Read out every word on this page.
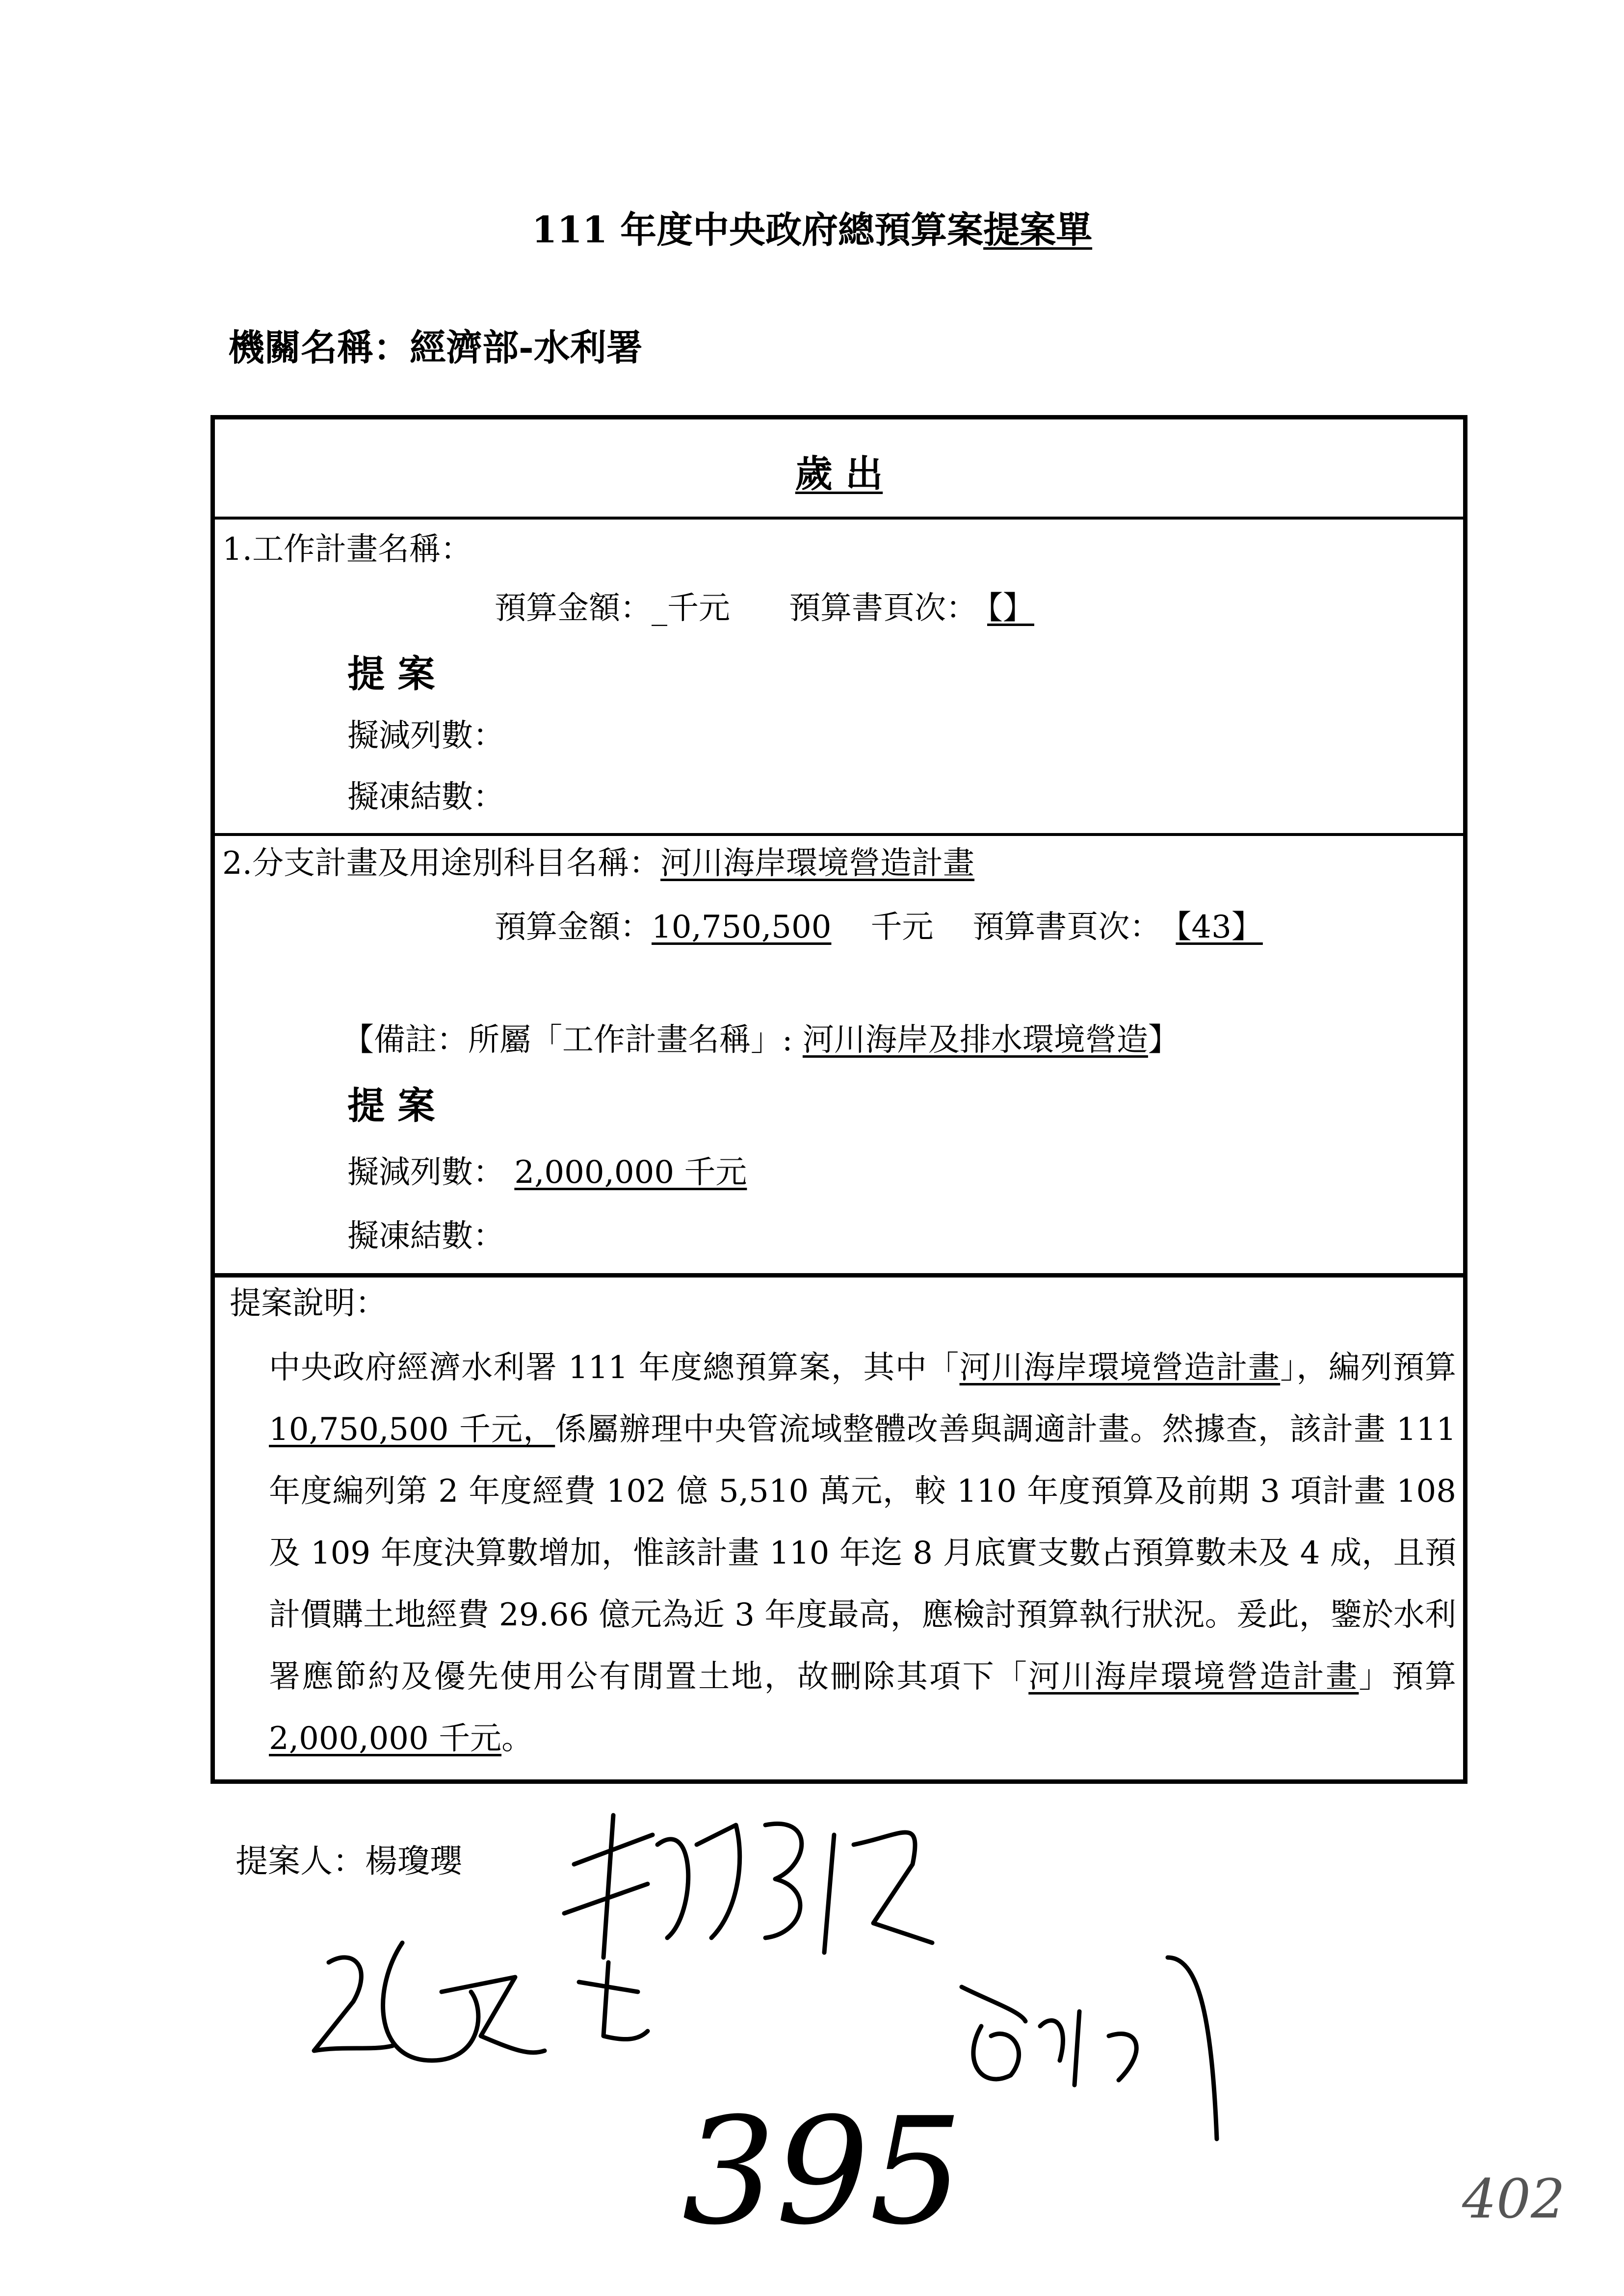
111 年度中央政府總預算案提案單
機關名稱：經濟部-水利署
歲 出
1.工作計畫名稱：
預算金額：_千元 預算書頁次： 【】
提 案
擬減列數：
擬凍結數：
2.分支計畫及用途別科目名稱：河川海岸環境營造計畫
預算金額：10,750,500 千元 預算書頁次： 【43】
【備註：所屬「工作計畫名稱」: 河川海岸及排水環境營造】
提 案
擬減列數： 2,000,000 千元
擬凍結數：
提案說明：
中央政府經濟水利署 111 年度總預算案，其中「河川海岸環境營造計畫」，編列預算 10,750,500 千元，係屬辦理中央管流域整體改善與調適計畫。然據查，該計畫 111 年度編列第 2 年度經費 102 億 5,510 萬元，較 110 年度預算及前期 3 項計畫 108 及 109 年度決算數增加，惟該計畫 110 年迄 8 月底實支數占預算數未及 4 成，且預計價購土地經費 29.66 億元為近 3 年度最高，應檢討預算執行狀況。爰此，鑒於水利署應節約及優先使用公有閒置土地，故刪除其項下「河川海岸環境營造計畫」預算 2,000,000 千元。
提案人：楊瓊瓔
395	402
